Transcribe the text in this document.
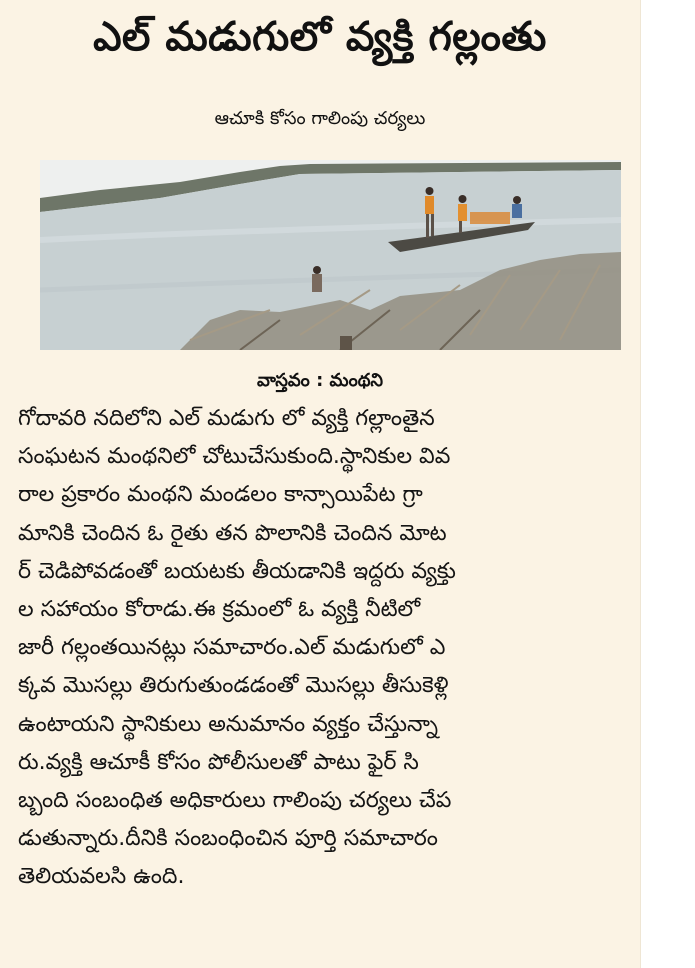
ఎల్ మడుగులో వ్యక్తి గల్లంతు
ఆచూకి కోసం గాలింపు చర్యలు
వాస్తవం : మంథని
గోదావరి నదిలోని ఎల్ మడుగు లో వ్యక్తి గల్లాంతైన
సంఘటన మంథనిలో చోటుచేసుకుంది.స్థానికుల వివ
రాల ప్రకారం మంథని మండలం కాన్సాయిపేట గ్రా
మానికి చెందిన ఓ రైతు తన పొలానికి చెందిన మోట
ర్ చెడిపోవడంతో బయటకు తీయడానికి ఇద్దరు వ్యక్తు
ల సహాయం కోరాడు.ఈ క్రమంలో ఓ వ్యక్తి నీటిలో
జారీ గల్లంతయినట్లు సమాచారం.ఎల్ మడుగులో ఎ
క్కవ మొసల్లు తిరుగుతుండడంతో మొసల్లు తీసుకెళ్లి
ఉంటాయని స్థానికులు అనుమానం వ్యక్తం చేస్తున్నా
రు.వ్యక్తి ఆచూకీ కోసం పోలీసులతో పాటు ఫైర్ సి
బ్బంది సంబంధిత అధికారులు గాలింపు చర్యలు చేప
డుతున్నారు.దీనికి సంబంధించిన పూర్తి సమాచారం
తెలియవలసి ఉంది.
